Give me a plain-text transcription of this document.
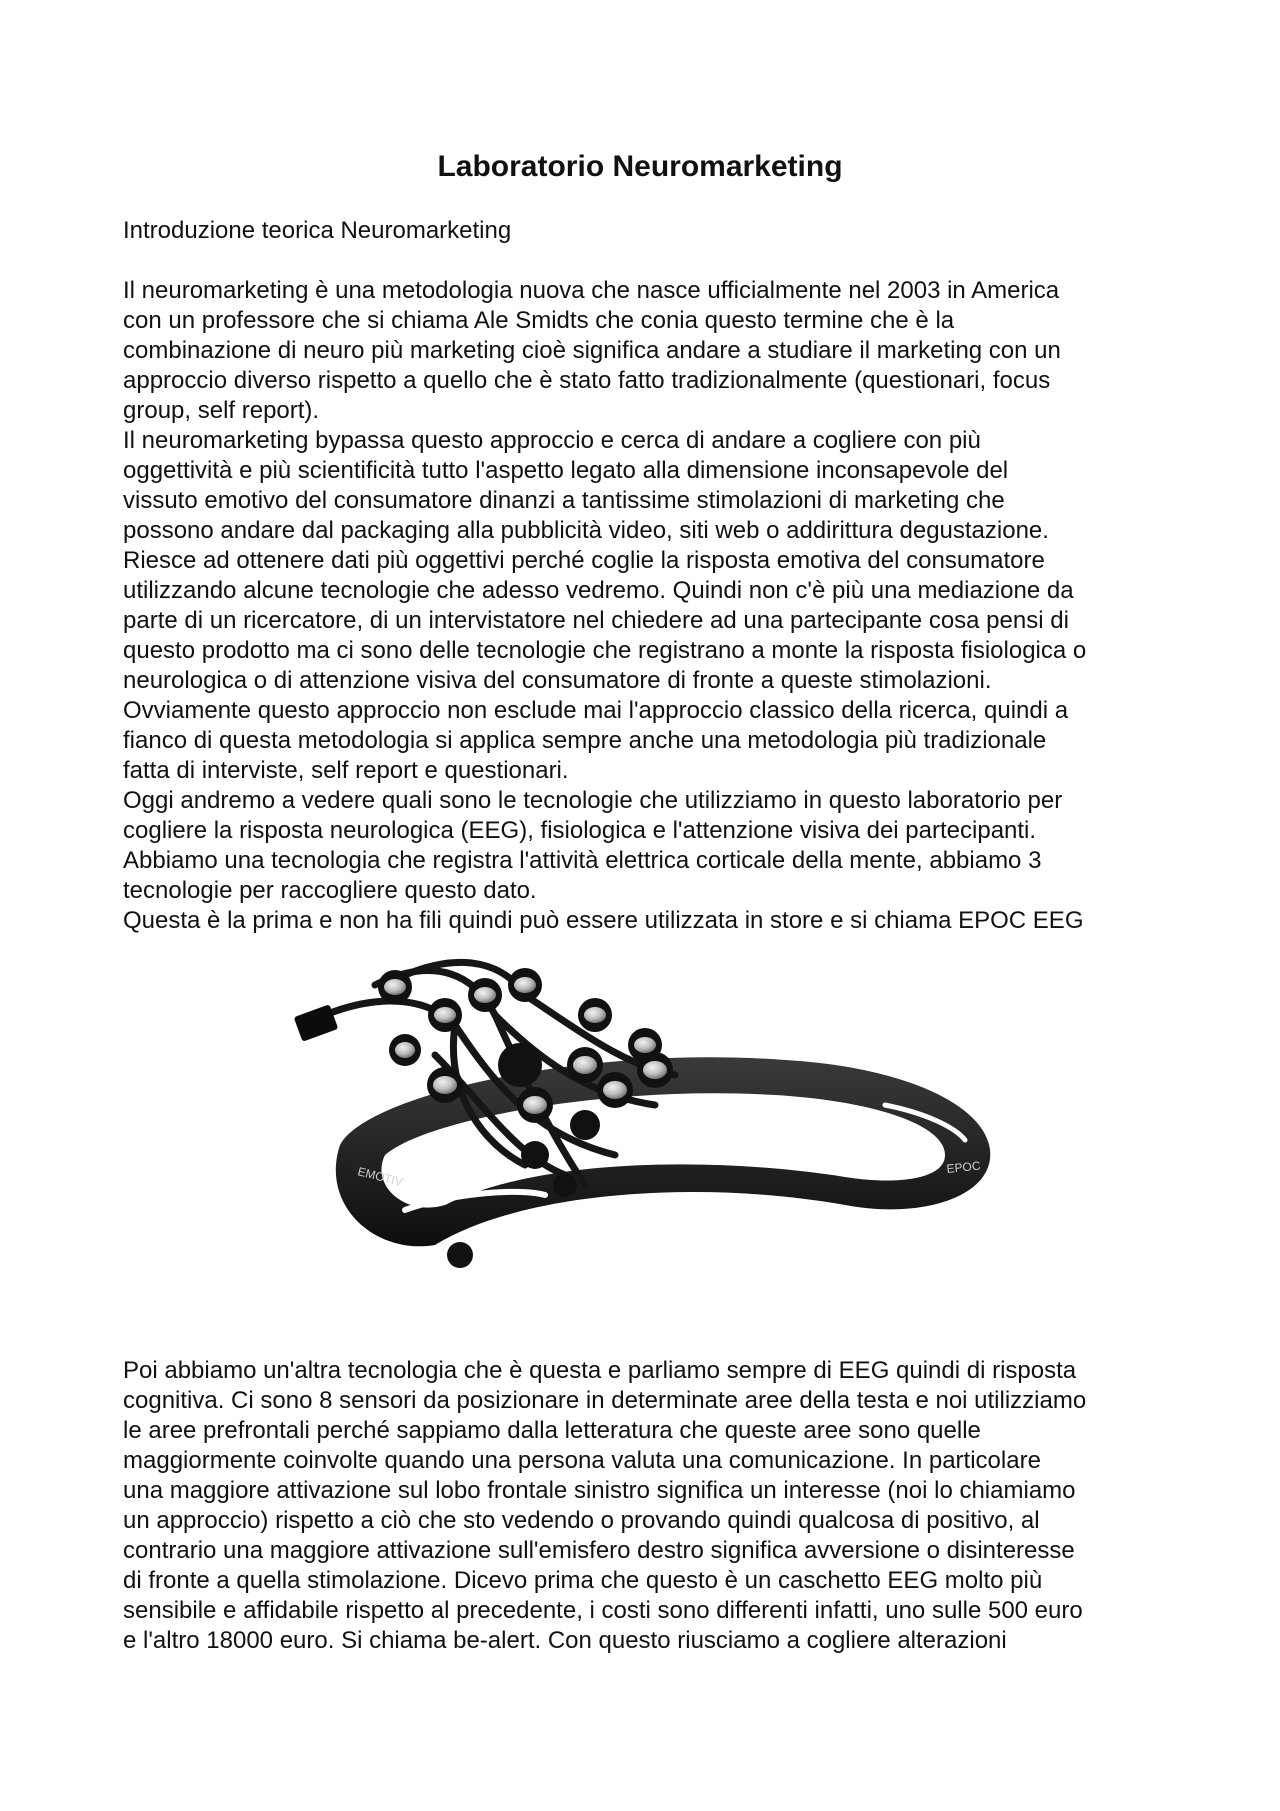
Laboratorio Neuromarketing

Introduzione teorica Neuromarketing

Il neuromarketing è una metodologia nuova che nasce ufficialmente nel 2003 in America
con un professore che si chiama Ale Smidts che conia questo termine che è la
combinazione di neuro più marketing cioè significa andare a studiare il marketing con un
approccio diverso rispetto a quello che è stato fatto tradizionalmente (questionari, focus
group, self report).
Il neuromarketing bypassa questo approccio e cerca di andare a cogliere con più
oggettività e più scientificità tutto l'aspetto legato alla dimensione inconsapevole del
vissuto emotivo del consumatore dinanzi a tantissime stimolazioni di marketing che
possono andare dal packaging alla pubblicità video, siti web o addirittura degustazione.
Riesce ad ottenere dati più oggettivi perché coglie la risposta emotiva del consumatore
utilizzando alcune tecnologie che adesso vedremo. Quindi non c'è più una mediazione da
parte di un ricercatore, di un intervistatore nel chiedere ad una partecipante cosa pensi di
questo prodotto ma ci sono delle tecnologie che registrano a monte la risposta fisiologica o
neurologica o di attenzione visiva del consumatore di fronte a queste stimolazioni.
Ovviamente questo approccio non esclude mai l'approccio classico della ricerca, quindi a
fianco di questa metodologia si applica sempre anche una metodologia più tradizionale
fatta di interviste, self report e questionari.
Oggi andremo a vedere quali sono le tecnologie che utilizziamo in questo laboratorio per
cogliere la risposta neurologica (EEG), fisiologica e l'attenzione visiva dei partecipanti.
Abbiamo una tecnologia che registra l'attività elettrica corticale della mente, abbiamo 3
tecnologie per raccogliere questo dato.
Questa è la prima e non ha fili quindi può essere utilizzata in store e si chiama EPOC EEG
EMOTIV	EPOC
Poi abbiamo un'altra tecnologia che è questa e parliamo sempre di EEG quindi di risposta
cognitiva. Ci sono 8 sensori da posizionare in determinate aree della testa e noi utilizziamo
le aree prefrontali perché sappiamo dalla letteratura che queste aree sono quelle
maggiormente coinvolte quando una persona valuta una comunicazione. In particolare
una maggiore attivazione sul lobo frontale sinistro significa un interesse (noi lo chiamiamo
un approccio) rispetto a ciò che sto vedendo o provando quindi qualcosa di positivo, al
contrario una maggiore attivazione sull'emisfero destro significa avversione o disinteresse
di fronte a quella stimolazione. Dicevo prima che questo è un caschetto EEG molto più
sensibile e affidabile rispetto al precedente, i costi sono differenti infatti, uno sulle 500 euro
e l'altro 18000 euro. Si chiama be-alert. Con questo riusciamo a cogliere alterazioni
